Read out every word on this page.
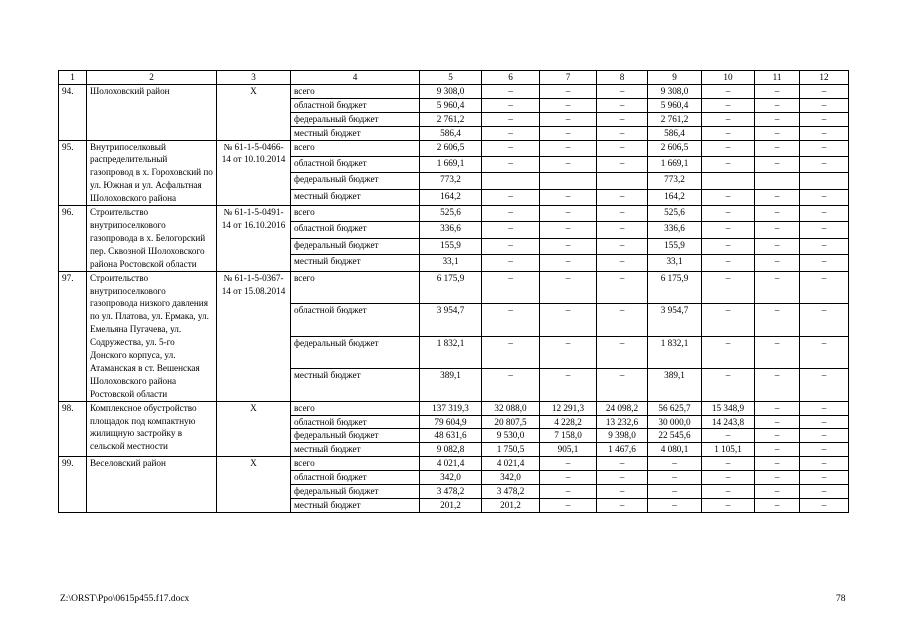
1	2	3	4	5	6	7	8	9	10	11	12
94.	Шолоховский район	Х	всего	9 308,0	–	–	–	9 308,0	–	–	–
			областной бюджет	5 960,4	–	–	–	5 960,4	–	–	–
			федеральный бюджет	2 761,2	–	–	–	2 761,2	–	–	–
			местный бюджет	586,4	–	–	–	586,4	–	–	–
95.	Внутрипоселковый распределительный газопровод в х. Гороховский по ул. Южная и ул. Асфальтная Шолоховского района	№ 61-1-5-0466-14 от 10.10.2014	всего	2 606,5	–	–	–	2 606,5	–	–	–
			областной бюджет	1 669,1	–	–	–	1 669,1	–	–	–
			федеральный бюджет	773,2				773,2			
			местный бюджет	164,2	–	–	–	164,2	–	–	–
96.	Строительство внутрипоселкового газопровода в х. Белогорский пер. Сквозной Шолоховского района Ростовской области	№ 61-1-5-0491-14 от 16.10.2016	всего	525,6	–	–	–	525,6	–	–	–
			областной бюджет	336,6	–	–	–	336,6	–	–	–
			федеральный бюджет	155,9	–	–	–	155,9	–	–	–
			местный бюджет	33,1	–	–	–	33,1	–	–	–
97.	Строительство внутрипоселкового газопровода низкого давления по ул. Платова, ул. Ермака, ул. Емельяна Пугачева, ул. Содружества, ул. 5-го Донского корпуса, ул. Атаманская в ст. Вешенская Шолоховского района Ростовской области	№ 61-1-5-0367-14 от 15.08.2014	всего	6 175,9	–	–	–	6 175,9	–	–	–
			областной бюджет	3 954,7	–	–	–	3 954,7	–	–	–
			федеральный бюджет	1 832,1	–	–	–	1 832,1	–	–	–
			местный бюджет	389,1	–	–	–	389,1	–	–	–
98.	Комплексное обустройство площадок под компактную жилищную застройку в сельской местности	Х	всего	137 319,3	32 088,0	12 291,3	24 098,2	56 625,7	15 348,9	–	–
			областной бюджет	79 604,9	20 807,5	4 228,2	13 232,6	30 000,0	14 243,8	–	–
			федеральный бюджет	48 631,6	9 530,0	7 158,0	9 398,0	22 545,6	–	–	–
			местный бюджет	9 082,8	1 750,5	905,1	1 467,6	4 080,1	1 105,1	–	–
99.	Веселовский район	Х	всего	4 021,4	4 021,4	–	–	–	–	–	–
			областной бюджет	342,0	342,0	–	–	–	–	–	–
			федеральный бюджет	3 478,2	3 478,2	–	–	–	–	–	–
			местный бюджет	201,2	201,2	–	–	–	–	–	–
Z:\ORST\Ppo\0615p455.f17.docx	78
